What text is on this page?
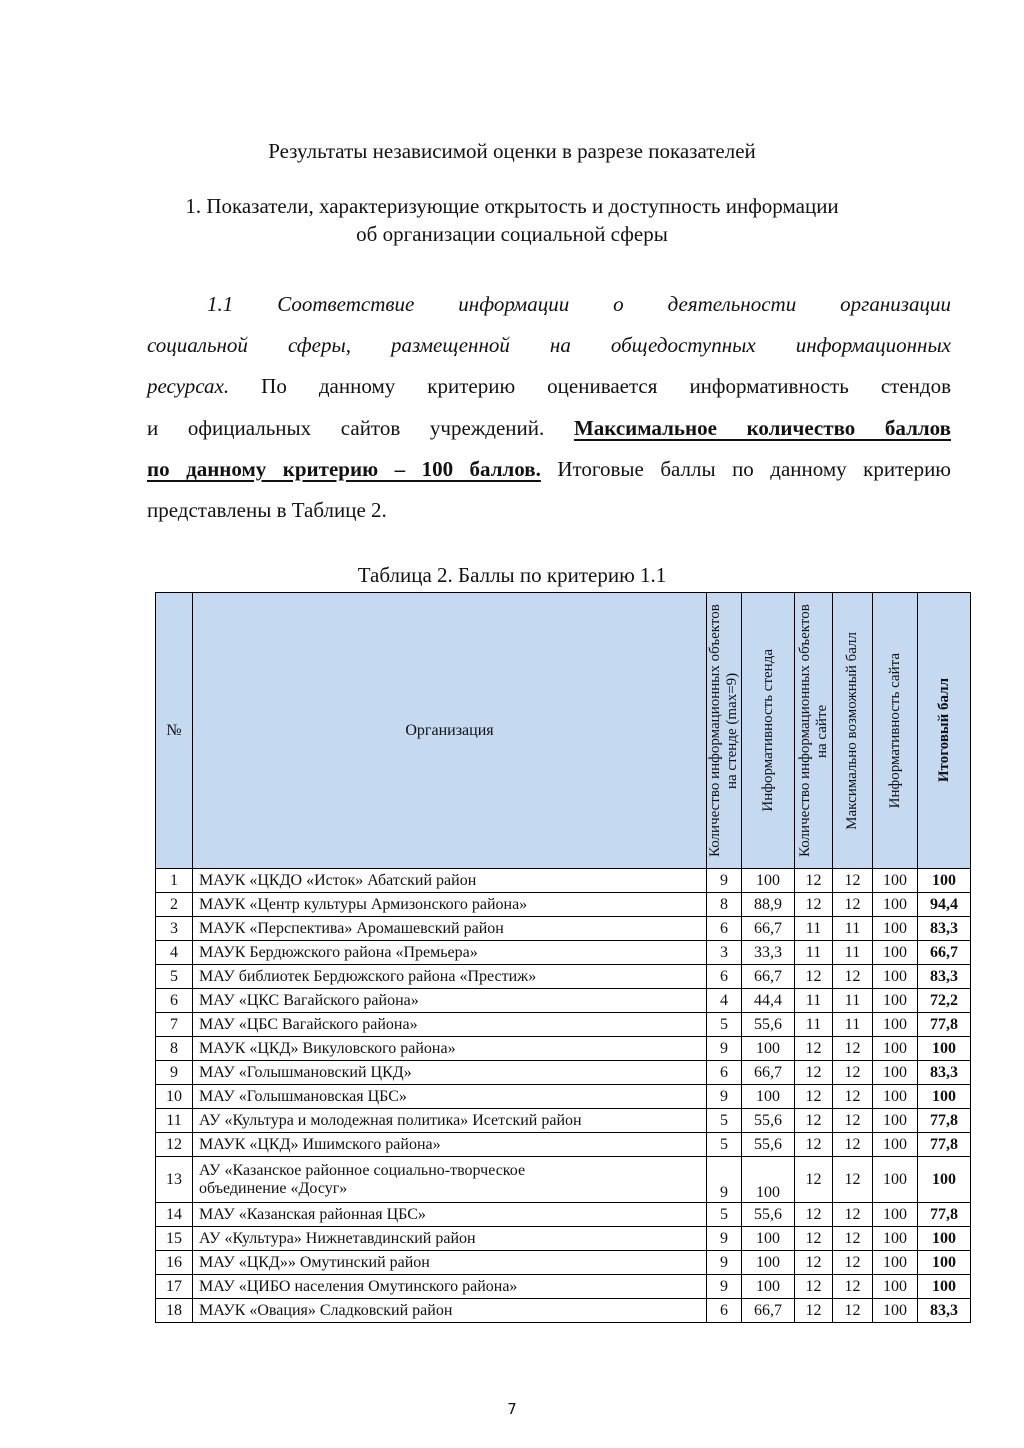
Результаты независимой оценки в разрезе показателей
1. Показатели, характеризующие открытость и доступность информации
об организации социальной сферы
1.1 Соответствие информации о деятельности организации
социальной сферы, размещенной на общедоступных информационных
ресурсах. По данному критерию оценивается информативность стендов
и официальных сайтов учреждений. Максимальное количество баллов
по данному критерию – 100 баллов. Итоговые баллы по данному критерию
представлены в Таблице 2.
Таблица 2. Баллы по критерию 1.1
№	Организация	Количество информационных объектов на стенде (max=9)	Информативность стенда	Количество информационных объектов на сайте	Максимально возможный балл	Информативность сайта	Итоговый балл

1	МАУК «ЦКДО «Исток» Абатский район	9	100	12	12	100	100
2	МАУК «Центр культуры Армизонского района»	8	88,9	12	12	100	94,4
3	МАУК «Перспектива» Аромашевский район	6	66,7	11	11	100	83,3
4	МАУК Бердюжского района «Премьера»	3	33,3	11	11	100	66,7
5	МАУ библиотек Бердюжского района «Престиж»	6	66,7	12	12	100	83,3
6	МАУ «ЦКС Вагайского района»	4	44,4	11	11	100	72,2
7	МАУ «ЦБС Вагайского района»	5	55,6	11	11	100	77,8
8	МАУК «ЦКД» Викуловского района»	9	100	12	12	100	100
9	МАУ «Голышмановский ЦКД»	6	66,7	12	12	100	83,3
10	МАУ «Голышмановская ЦБС»	9	100	12	12	100	100
11	АУ «Культура и молодежная политика» Исетский район	5	55,6	12	12	100	77,8
12	МАУК «ЦКД» Ишимского района»	5	55,6	12	12	100	77,8
13	АУ «Казанское районное социально-творческое
объединение «Досуг»	9	100	12	12	100	100
14	МАУ «Казанская районная ЦБС»	5	55,6	12	12	100	77,8
15	АУ «Культура» Нижнетавдинский район	9	100	12	12	100	100
16	МАУ «ЦКД»» Омутинский район	9	100	12	12	100	100
17	МАУ «ЦИБО населения Омутинского района»	9	100	12	12	100	100
18	МАУК «Овация» Сладковский район	6	66,7	12	12	100	83,3
7
